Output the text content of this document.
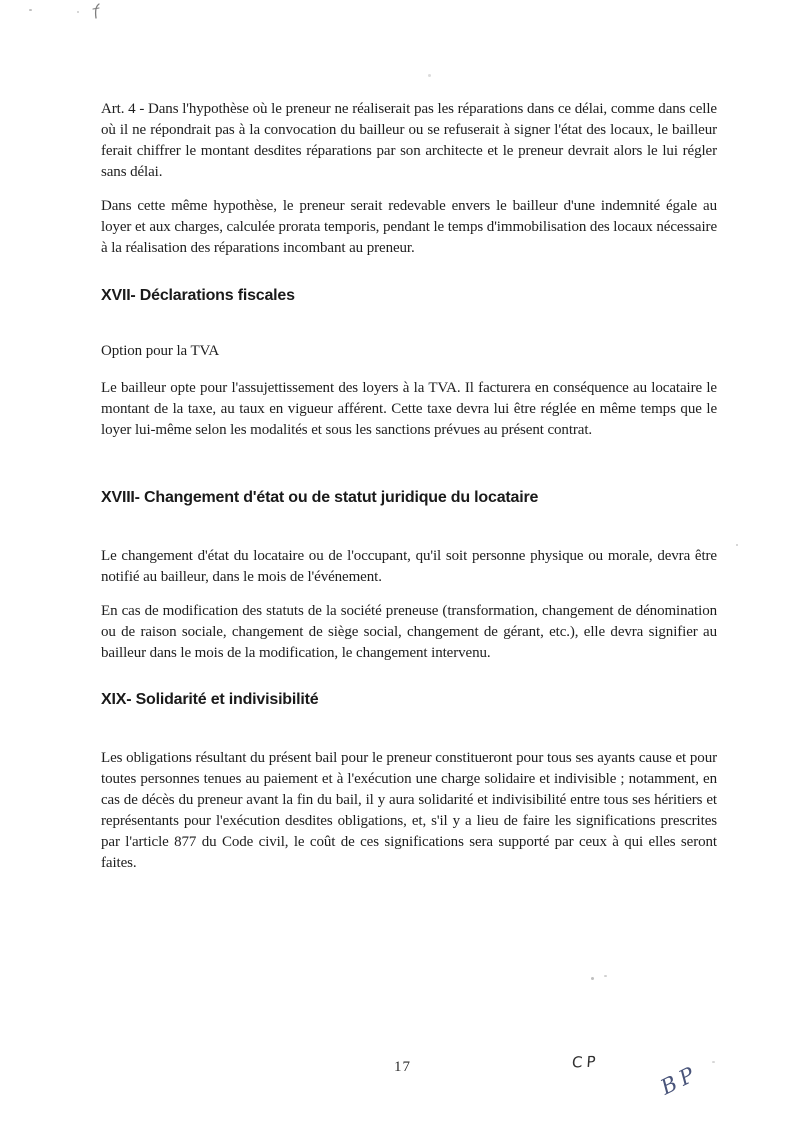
Art. 4 - Dans l'hypothèse où le preneur ne réaliserait pas les réparations dans ce délai, comme dans celle où il ne répondrait pas à la convocation du bailleur ou se refuserait à signer l'état des locaux, le bailleur ferait chiffrer le montant desdites réparations par son architecte et le preneur devrait alors le lui régler sans délai.

Dans cette même hypothèse, le preneur serait redevable envers le bailleur d'une indemnité égale au loyer et aux charges, calculée prorata temporis, pendant le temps d'immobilisation des locaux nécessaire à la réalisation des réparations incombant au preneur.

XVII- Déclarations fiscales

Option pour la TVA

Le bailleur opte pour l'assujettissement des loyers à la TVA. Il facturera en conséquence au locataire le montant de la taxe, au taux en vigueur afférent. Cette taxe devra lui être réglée en même temps que le loyer lui-même selon les modalités et sous les sanctions prévues au présent contrat.

XVIII- Changement d'état ou de statut juridique du locataire

Le changement d'état du locataire ou de l'occupant, qu'il soit personne physique ou morale, devra être notifié au bailleur, dans le mois de l'événement.

En cas de modification des statuts de la société preneuse (transformation, changement de dénomination ou de raison sociale, changement de siège social, changement de gérant, etc.), elle devra signifier au bailleur dans le mois de la modification, le changement intervenu.

XIX- Solidarité et indivisibilité

Les obligations résultant du présent bail pour le preneur constitueront pour tous ses ayants cause et pour toutes personnes tenues au paiement et à l'exécution une charge solidaire et indivisible ; notamment, en cas de décès du preneur avant la fin du bail, il y aura solidarité et indivisibilité entre tous ses héritiers et représentants pour l'exécution desdites obligations, et, s'il y a lieu de faire les significations prescrites par l'article 877 du Code civil, le coût de ces significations sera supporté par ceux à qui elles seront faites.

17	CP	BP
